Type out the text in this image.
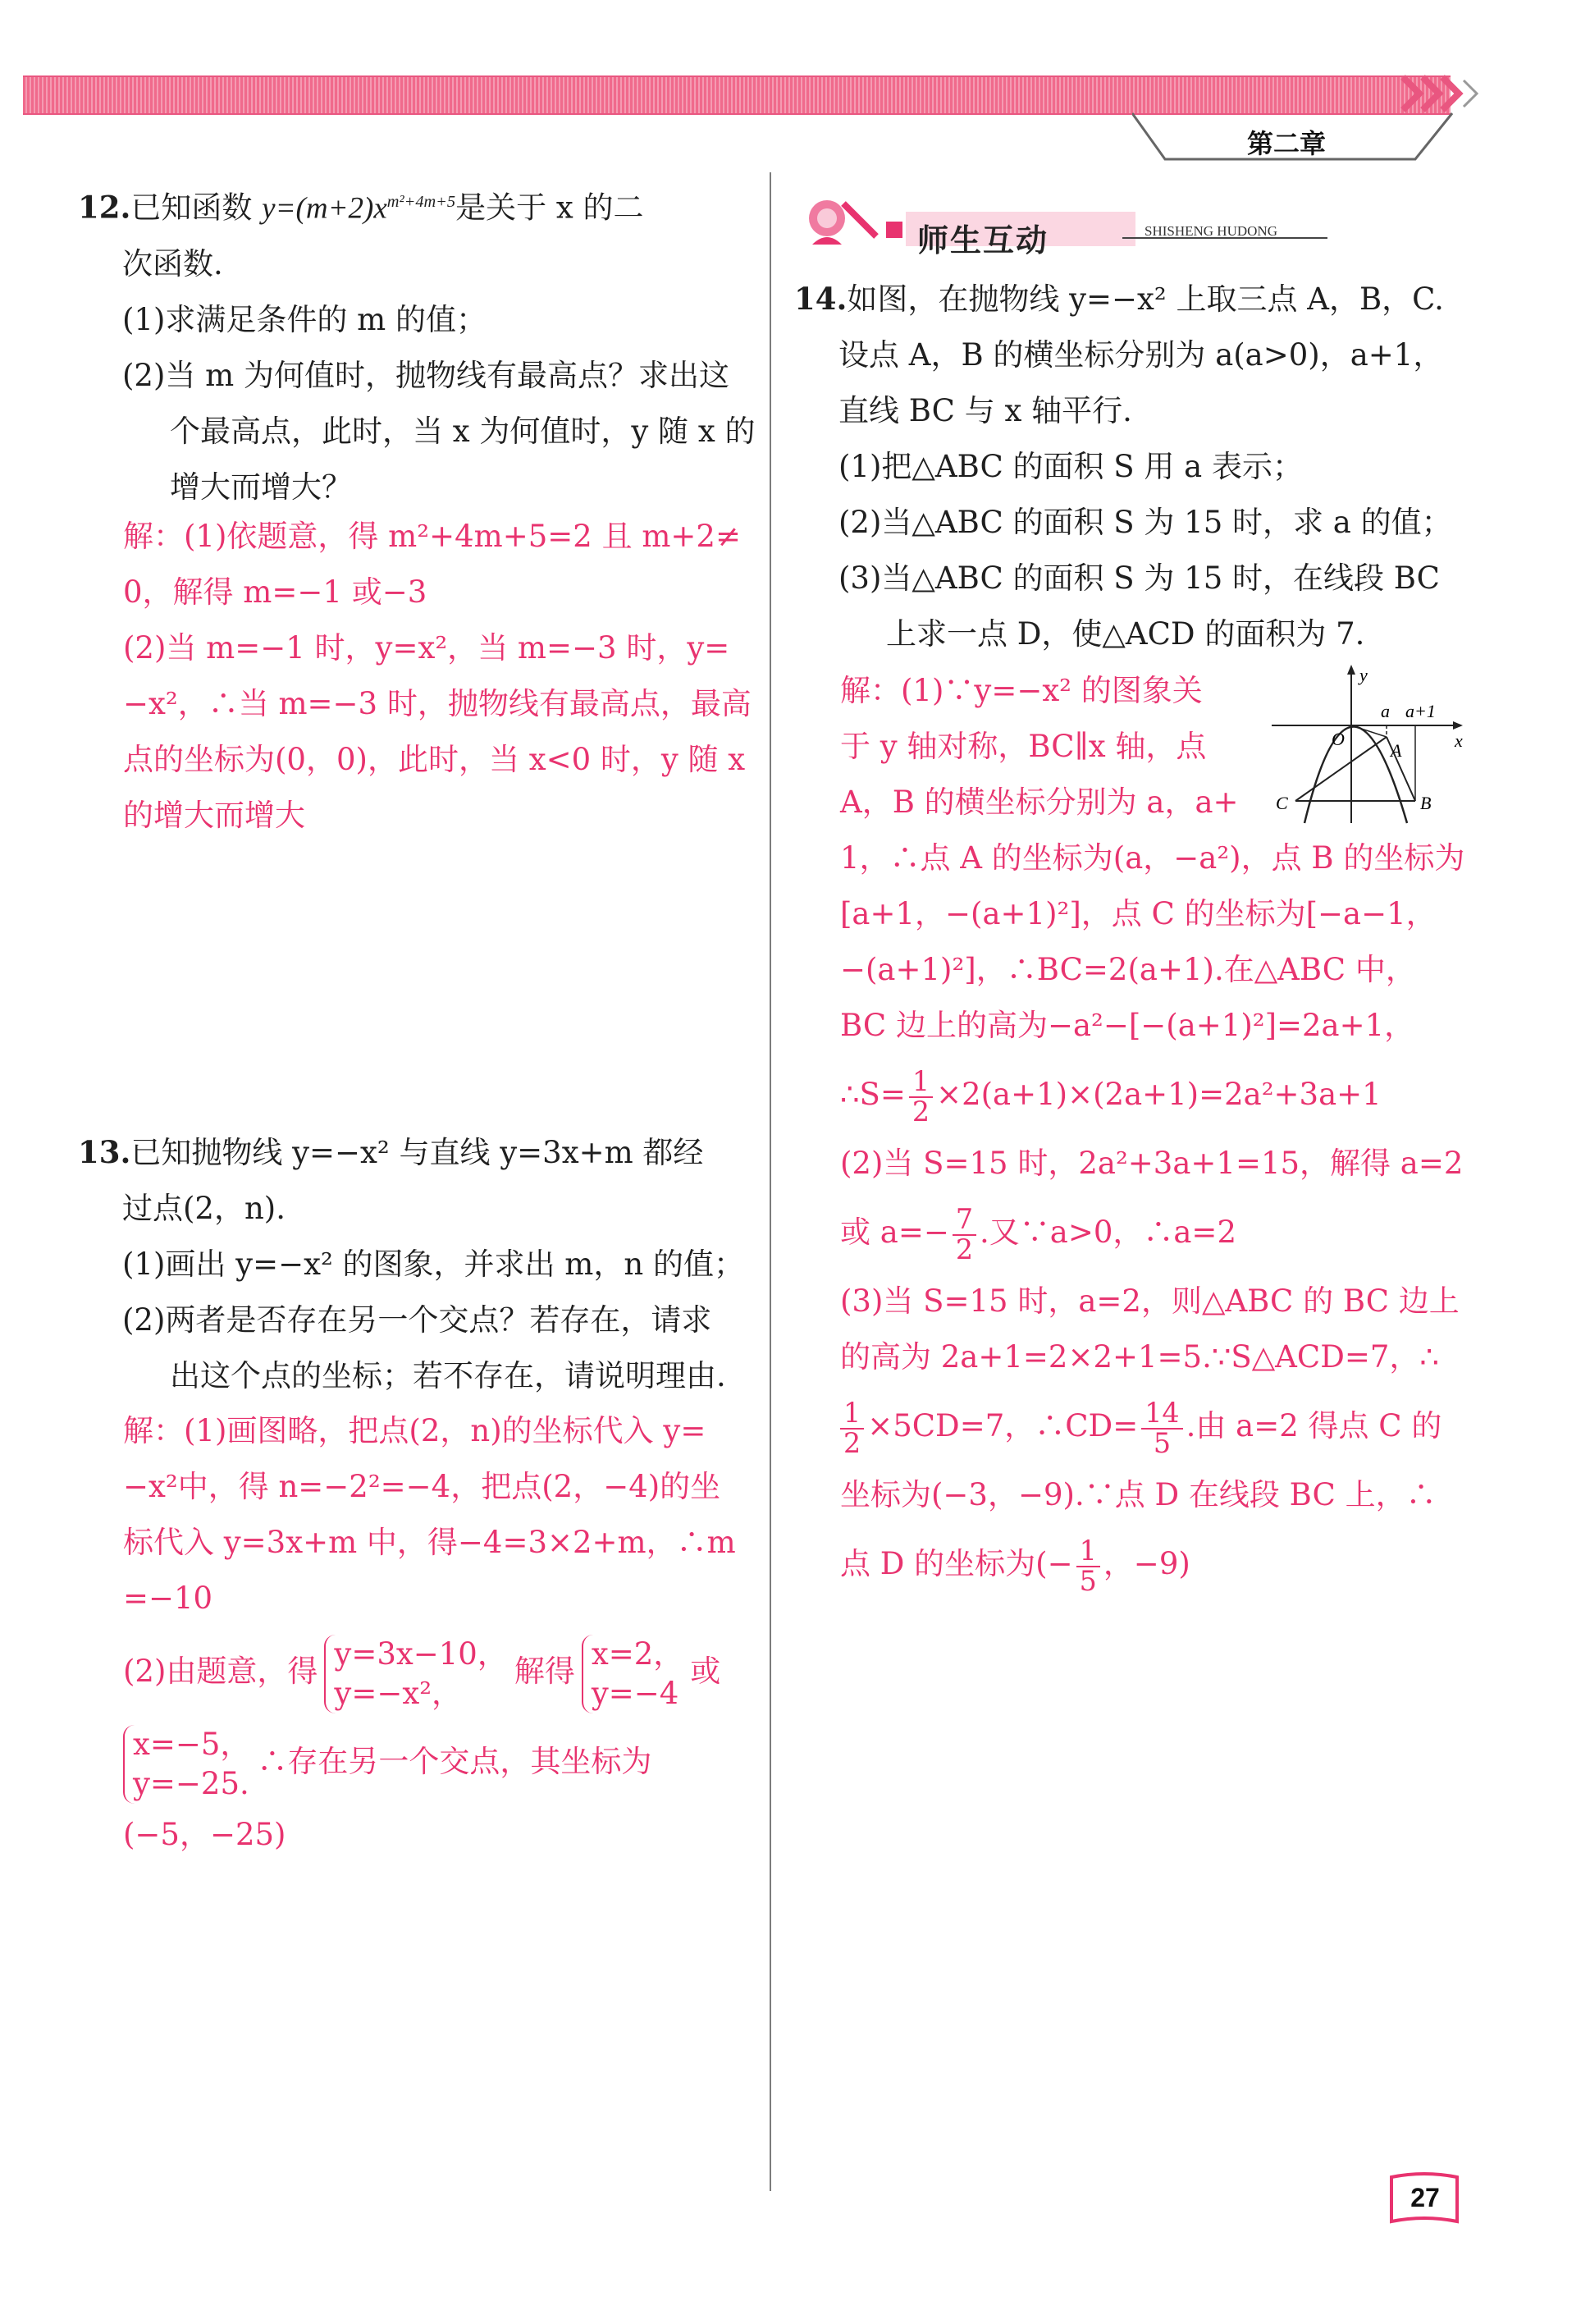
第二章
12.已知函数 $y=(m+2)x^{m^2+4m+5}$是关于 x 的二
次函数.
(1)求满足条件的 m 的值；
(2)当 m 为何值时，抛物线有最高点？求出这
个最高点，此时，当 x 为何值时，y 随 x 的
增大而增大？
解：(1)依题意，得 m²+4m+5=2 且 m+2≠
0，解得 m=−1 或−3
(2)当 m=−1 时，y=x²，当 m=−3 时，y=
−x²，∴当 m=−3 时，抛物线有最高点，最高
点的坐标为(0，0)，此时，当 x<0 时，y 随 x
的增大而增大
13.已知抛物线 y=−x² 与直线 y=3x+m 都经
过点(2，n).
(1)画出 y=−x² 的图象，并求出 m，n 的值；
(2)两者是否存在另一个交点？若存在，请求
出这个点的坐标；若不存在，请说明理由.
解：(1)画图略，把点(2，n)的坐标代入 y=
−x²中，得 n=−2²=−4，把点(2，−4)的坐
标代入 y=3x+m 中，得−4=3×2+m，∴m
=−10
(2)由题意，得 y=3x−10，
y=−x²，
解得 x=2，
y=−4
或
x=−5，
y=−25.
∴存在另一个交点，其坐标为
(−5，−25)
师生互动	SHISHENG HUDONG
14.如图，在抛物线 y=−x² 上取三点 A，B，C.
设点 A，B 的横坐标分别为 a(a>0)，a+1，
直线 BC 与 x 轴平行.
(1)把△ABC 的面积 S 用 a 表示；
(2)当△ABC 的面积 S 为 15 时，求 a 的值；
(3)当△ABC 的面积 S 为 15 时，在线段 BC
上求一点 D，使△ACD 的面积为 7.
解：(1)∵y=−x² 的图象关
于 y 轴对称，BC∥x 轴，点
A，B 的横坐标分别为 a，a+
1，∴点 A 的坐标为(a，−a²)，点 B 的坐标为
[a+1，−(a+1)²]，点 C 的坐标为[−a−1，
−(a+1)²]，∴BC=2(a+1).在△ABC 中，
BC 边上的高为−a²−[−(a+1)²]=2a+1，
∴S= $\frac{1}{2} \times 2(a+1)\times(2a+1)=2a^2+3a+1$
(2)当 S=15 时，2a²+3a+1=15，解得 a=2
或 $a=- \frac{7}{2}$ .又∵a>0，∴a=2
(3)当 S=15 时，a=2，则△ABC 的 BC 边上
的高为 2a+1=2×2+1=5.∵S△ACD=7，∴
$\frac{1}{2} \times 5CD=7$，∴CD= $\frac{14}{5}$ .由 a=2 得点 C 的
坐标为(−3，−9).∵点 D 在线段 BC 上，∴
点 D 的坐标为(− $\frac{1}{5}$ ，−9)
y
x
O
a a+1
A
B
C
27
